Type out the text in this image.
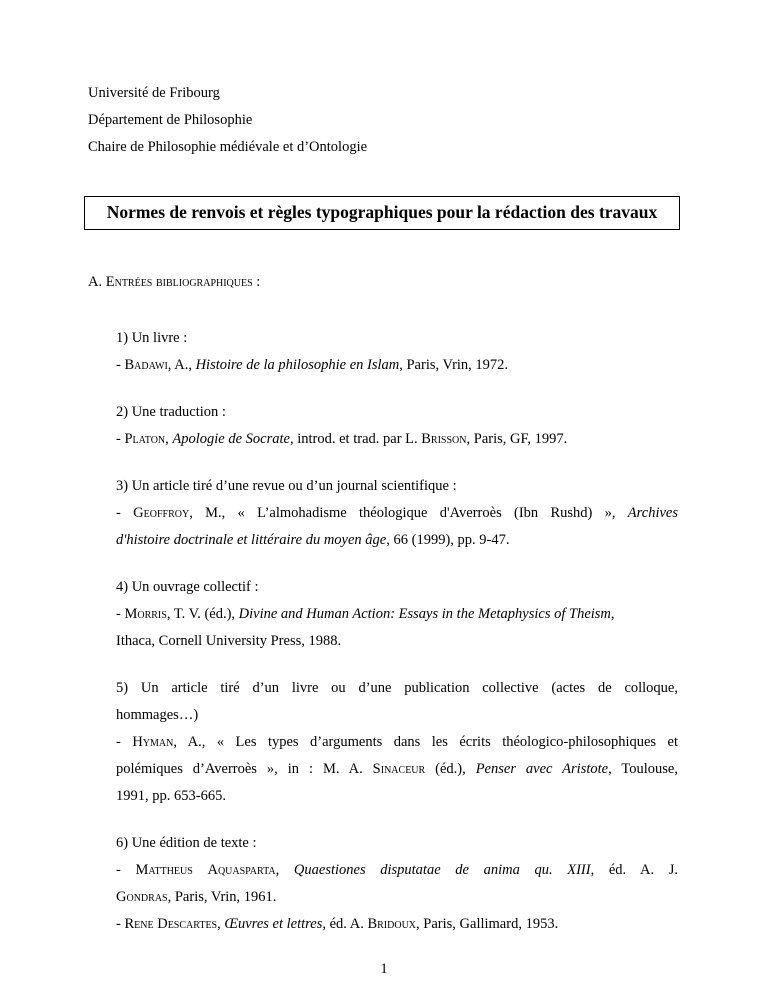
Université de Fribourg
Département de Philosophie
Chaire de Philosophie médiévale et d’Ontologie
Normes de renvois et règles typographiques pour la rédaction des travaux
A. Entrées bibliographiques :
1) Un livre :
- Badawi, A., Histoire de la philosophie en Islam, Paris, Vrin, 1972.
2) Une traduction :
- Platon, Apologie de Socrate, introd. et trad. par L. Brisson, Paris, GF, 1997.
3) Un article tiré d’une revue ou d’un journal scientifique :
- Geoffroy, M., « L’almohadisme théologique d'Averroès (Ibn Rushd) », Archives
d'histoire doctrinale et littéraire du moyen âge, 66 (1999), pp. 9-47.
4) Un ouvrage collectif :
- Morris, T. V. (éd.), Divine and Human Action: Essays in the Metaphysics of Theism,
Ithaca, Cornell University Press, 1988.
5) Un article tiré d’un livre ou d’une publication collective (actes de colloque,
hommages…)
- Hyman, A., « Les types d’arguments dans les écrits théologico-philosophiques et
polémiques d’Averroès », in : M. A. Sinaceur (éd.), Penser avec Aristote, Toulouse,
1991, pp. 653-665.
6) Une édition de texte :
- Mattheus Aquasparta, Quaestiones disputatae de anima qu. XIII, éd. A. J.
Gondras, Paris, Vrin, 1961.
- Rene Descartes, Œuvres et lettres, éd. A. Bridoux, Paris, Gallimard, 1953.
1
